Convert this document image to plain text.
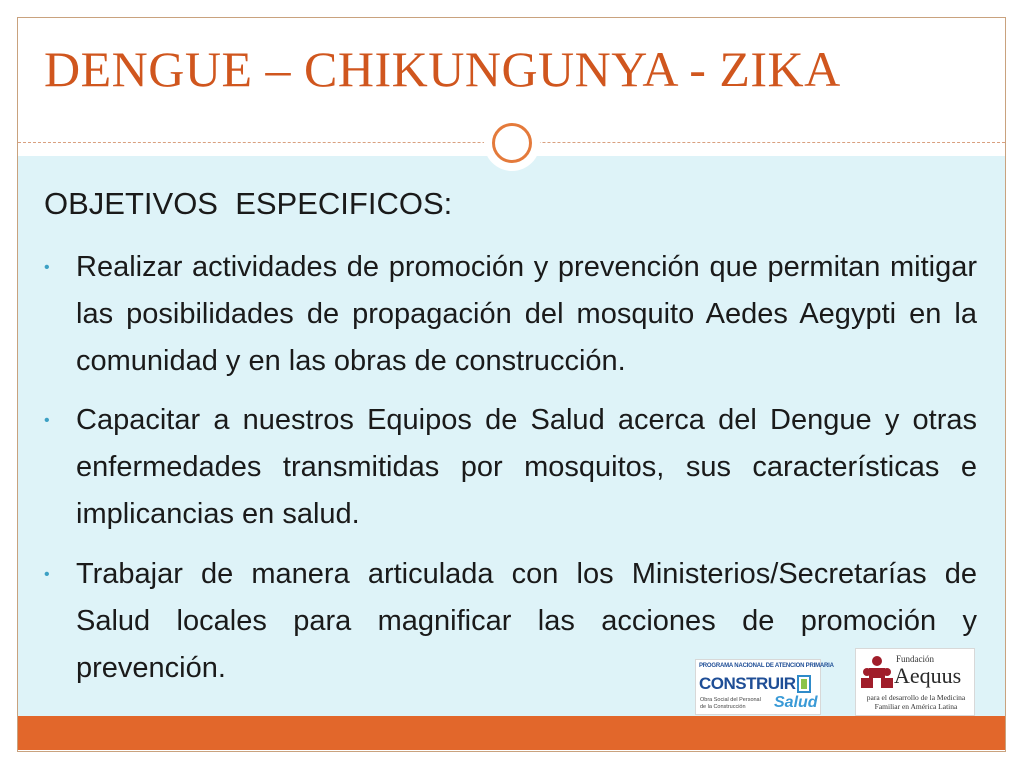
DENGUE – CHIKUNGUNYA - ZIKA
OBJETIVOS  ESPECIFICOS:
• Realizar actividades de promoción y prevención que permitan mitigar las posibilidades de propagación del mosquito Aedes Aegypti en la comunidad y en las obras de construcción.
• Capacitar a nuestros Equipos de Salud acerca del Dengue y otras enfermedades transmitidas por mosquitos, sus características e implicancias en salud.
• Trabajar de manera articulada con los Ministerios/Secretarías de Salud locales para magnificar las acciones de promoción y prevención.	PROGRAMA NACIONAL DE ATENCION PRIMARIA
CONSTRUIR
Obra Social del Personal
de la Construcción	Salud
Fundación
Aequus
para el desarrollo de la Medicina
Familiar en América Latina
